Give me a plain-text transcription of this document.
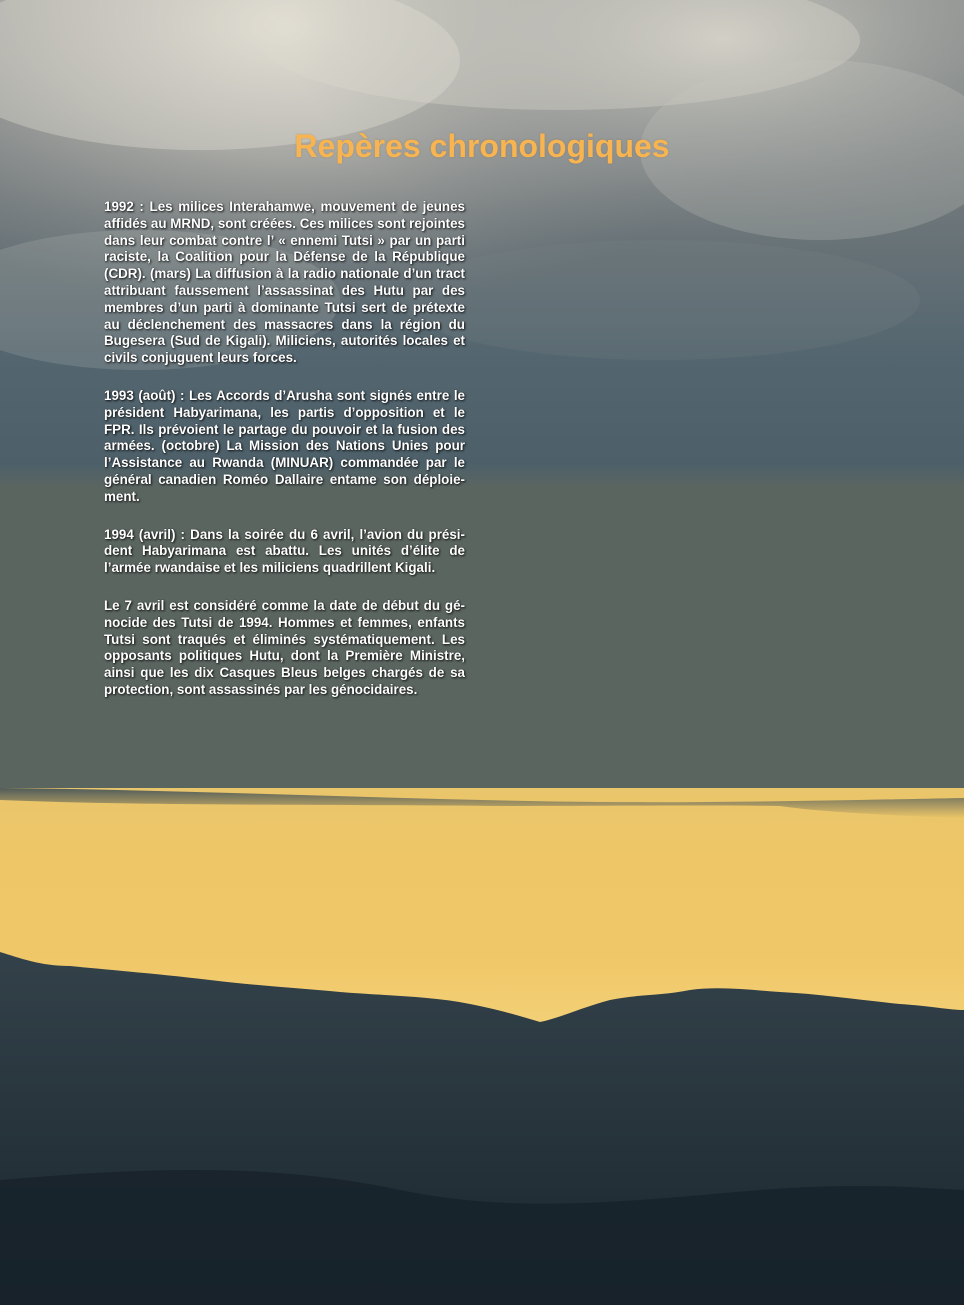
Repères chronologiques

1992 : Les milices Interahamwe, mouvement de jeunes affidés au MRND, sont créées. Ces milices sont rejointes dans leur combat contre l’ « ennemi Tutsi » par un parti raciste, la Coalition pour la Défense de la République (CDR). (mars) La diffusion à la radio nationale d’un tract attribuant faussement l’assassinat des Hutu par des membres d’un parti à dominante Tutsi sert de prétexte au déclenchement des massacres dans la région du Bugesera (Sud de Kigali). Miliciens, autorités locales et civils conjuguent leurs forces.

1993 (août) : Les Accords d’Arusha sont signés entre le président Habyarimana, les partis d’opposition et le FPR. Ils prévoient le partage du pouvoir et la fusion des armées. (octobre) La Mission des Nations Unies pour l’Assistance au Rwanda (MINUAR) commandée par le général canadien Roméo Dallaire entame son déploiement.

1994 (avril) : Dans la soirée du 6 avril, l’avion du président Habyarimana est abattu. Les unités d’élite de l’armée rwandaise et les miliciens quadrillent Kigali.

Le 7 avril est considéré comme la date de début du génocide des Tutsi de 1994. Hommes et femmes, enfants Tutsi sont traqués et éliminés systématiquement. Les opposants politiques Hutu, dont la Première Ministre, ainsi que les dix Casques Bleus belges chargés de sa protection, sont assassinés par les génocidaires.
